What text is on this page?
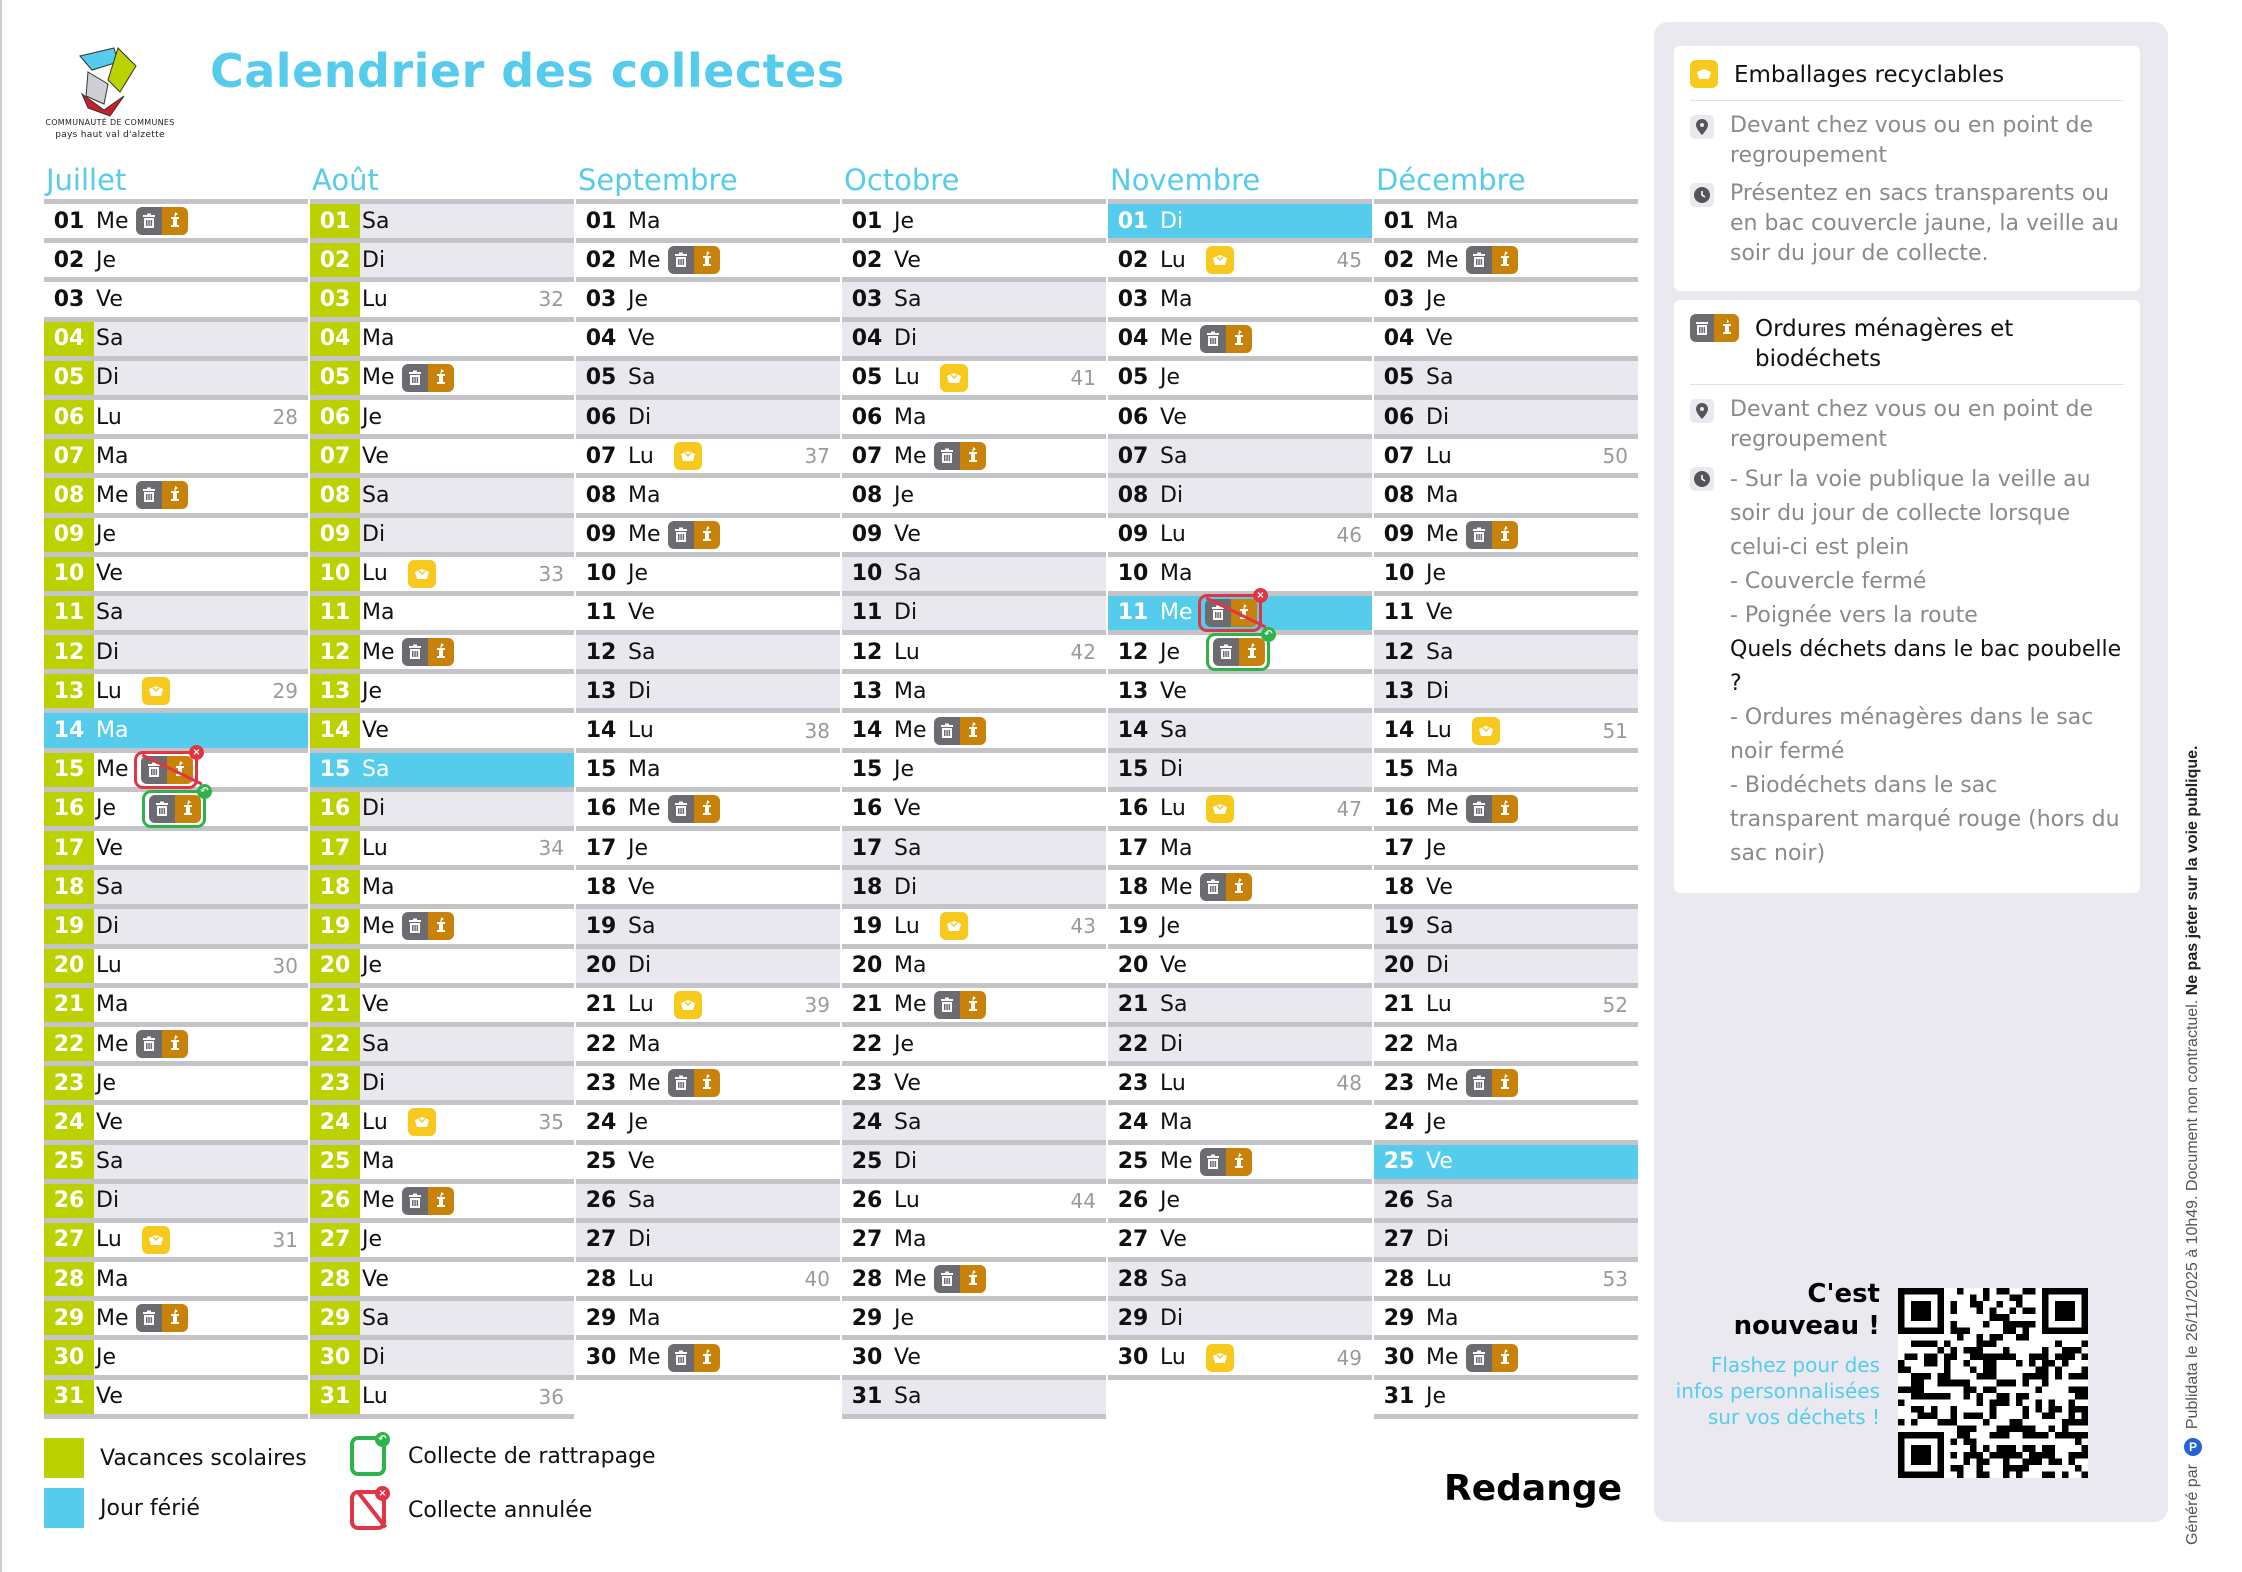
COMMUNAUTÉ DE COMMUNES
pays haut val d'alzette
Calendrier des collectes
Juillet
01 Me
02 Je
03 Ve
04 Sa
05 Di
06 Lu	28
07 Ma
08 Me
09 Je
10 Ve
11 Sa
12 Di
13 Lu	29
14 Ma
15 Me
×
16 Je
↶
17 Ve
18 Sa
19 Di
20 Lu	30
21 Ma
22 Me
23 Je
24 Ve
25 Sa
26 Di
27 Lu	31
28 Ma
29 Me
30 Je
31 Ve
Août
01 Sa
02 Di
03 Lu	32
04 Ma
05 Me
06 Je
07 Ve
08 Sa
09 Di
10 Lu	33
11 Ma
12 Me
13 Je
14 Ve
15 Sa
16 Di
17 Lu	34
18 Ma
19 Me
20 Je
21 Ve
22 Sa
23 Di
24 Lu	35
25 Ma
26 Me
27 Je
28 Ve
29 Sa
30 Di
31 Lu	36
Septembre
01 Ma
02 Me
03 Je
04 Ve
05 Sa
06 Di
07 Lu	37
08 Ma
09 Me
10 Je
11 Ve
12 Sa
13 Di
14 Lu	38
15 Ma
16 Me
17 Je
18 Ve
19 Sa
20 Di
21 Lu	39
22 Ma
23 Me
24 Je
25 Ve
26 Sa
27 Di
28 Lu	40
29 Ma
30 Me
Octobre
01 Je
02 Ve
03 Sa
04 Di
05 Lu	41
06 Ma
07 Me
08 Je
09 Ve
10 Sa
11 Di
12 Lu	42
13 Ma
14 Me
15 Je
16 Ve
17 Sa
18 Di
19 Lu	43
20 Ma
21 Me
22 Je
23 Ve
24 Sa
25 Di
26 Lu	44
27 Ma
28 Me
29 Je
30 Ve
31 Sa
Novembre
01 Di
02 Lu	45
03 Ma
04 Me
05 Je
06 Ve
07 Sa
08 Di
09 Lu	46
10 Ma
11 Me
×
12 Je
↶
13 Ve
14 Sa
15 Di
16 Lu	47
17 Ma
18 Me
19 Je
20 Ve
21 Sa
22 Di
23 Lu	48
24 Ma
25 Me
26 Je
27 Ve
28 Sa
29 Di
30 Lu	49
Décembre
01 Ma
02 Me
03 Je
04 Ve
05 Sa
06 Di
07 Lu	50
08 Ma
09 Me
10 Je
11 Ve
12 Sa
13 Di
14 Lu	51
15 Ma
16 Me
17 Je
18 Ve
19 Sa
20 Di
21 Lu	52
22 Ma
23 Me
24 Je
25 Ve
26 Sa
27 Di
28 Lu	53
29 Ma
30 Me
31 Je
Vacances scolaires
Jour férié
↶
Collecte de rattrapage
×
Collecte annulée
Redange
Emballages recyclables
Devant chez vous ou en point de regroupement
Présentez en sacs transparents ou en bac couvercle jaune, la veille au soir du jour de collecte.
Ordures ménagères et biodéchets
Devant chez vous ou en point de regroupement

- Sur la voie publique la veille au soir du jour de collecte lorsque celui-ci est plein

- Couvercle fermé

- Poignée vers la route

Quels déchets dans le bac poubelle ?

- Ordures ménagères dans le sac noir fermé

- Biodéchets dans le sac transparent marqué rouge (hors du sac noir)

C'est
nouveau !
Flashez pour des infos personnalisées sur vos déchets !
Généré par P Publidata le 26/11/2025 à 10h49. Document non contractuel. Ne pas jeter sur la voie publique.
